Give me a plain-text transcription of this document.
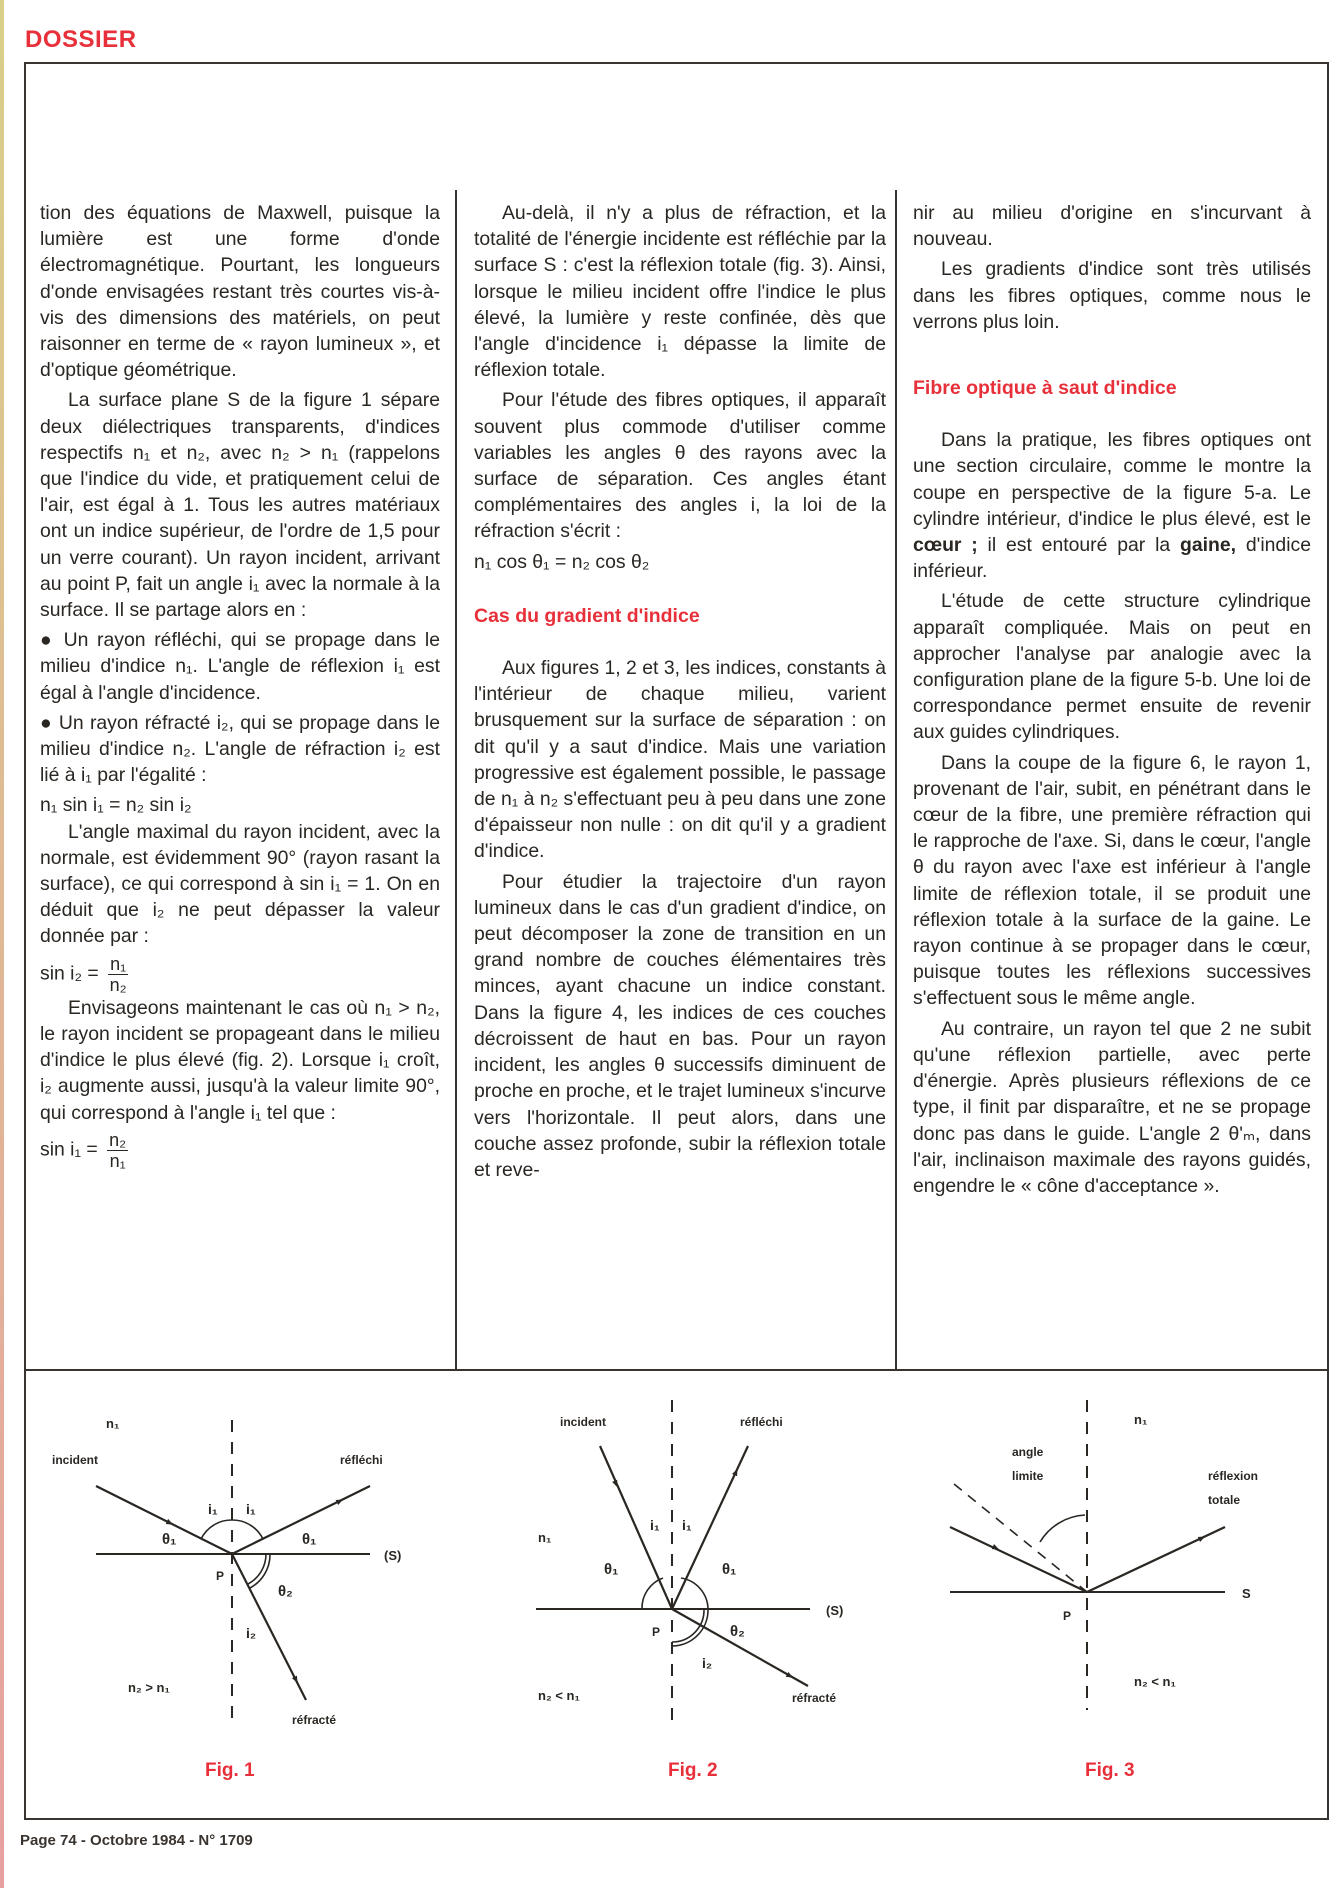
DOSSIER

tion des équations de Maxwell, puisque la lumière est une forme d'onde électromagnétique. Pourtant, les longueurs d'onde envisagées restant très courtes vis-à-vis des dimensions des matériels, on peut raisonner en terme de « rayon lumineux », et d'optique géométrique.

La surface plane S de la figure 1 sépare deux diélectriques transparents, d'indices respectifs n₁ et n₂, avec n₂ > n₁ (rappelons que l'indice du vide, et pratiquement celui de l'air, est égal à 1. Tous les autres matériaux ont un indice supérieur, de l'ordre de 1,5 pour un verre courant). Un rayon incident, arrivant au point P, fait un angle i₁ avec la normale à la surface. Il se partage alors en :

● Un rayon réfléchi, qui se propage dans le milieu d'indice n₁. L'angle de réflexion i₁ est égal à l'angle d'incidence.

● Un rayon réfracté i₂, qui se propage dans le milieu d'indice n₂. L'angle de réfraction i₂ est lié à i₁ par l'égalité :

n₁ sin i₁ = n₂ sin i₂

L'angle maximal du rayon incident, avec la normale, est évidemment 90° (rayon rasant la surface), ce qui correspond à sin i₁ = 1. On en déduit que i₂ ne peut dépasser la valeur donnée par :

$\sin i_2 = \frac{\text{n₁}}{\text{n₂}}$

Envisageons maintenant le cas où n₁ > n₂, le rayon incident se propageant dans le milieu d'indice le plus élevé (fig. 2). Lorsque i₁ croît, i₂ augmente aussi, jusqu'à la valeur limite 90°, qui correspond à l'angle i₁ tel que :

$\sin i_1 = \frac{\text{n₂}}{\text{n₁}}$

Au-delà, il n'y a plus de réfraction, et la totalité de l'énergie incidente est réfléchie par la surface S : c'est la réflexion totale (fig. 3). Ainsi, lorsque le milieu incident offre l'indice le plus élevé, la lumière y reste confinée, dès que l'angle d'incidence i₁ dépasse la limite de réflexion totale.

Pour l'étude des fibres optiques, il apparaît souvent plus commode d'utiliser comme variables les angles θ des rayons avec la surface de séparation. Ces angles étant complémentaires des angles i, la loi de la réfraction s'écrit :

n₁ cos θ₁ = n₂ cos θ₂

Cas du gradient d'indice

Aux figures 1, 2 et 3, les indices, constants à l'intérieur de chaque milieu, varient brusquement sur la surface de séparation : on dit qu'il y a saut d'indice. Mais une variation progressive est également possible, le passage de n₁ à n₂ s'effectuant peu à peu dans une zone d'épaisseur non nulle : on dit qu'il y a gradient d'indice.

Pour étudier la trajectoire d'un rayon lumineux dans le cas d'un gradient d'indice, on peut décomposer la zone de transition en un grand nombre de couches élémentaires très minces, ayant chacune un indice constant. Dans la figure 4, les indices de ces couches décroissent de haut en bas. Pour un rayon incident, les angles θ successifs diminuent de proche en proche, et le trajet lumineux s'incurve vers l'horizontale. Il peut alors, dans une couche assez profonde, subir la réflexion totale et reve-

nir au milieu d'origine en s'incurvant à nouveau.

Les gradients d'indice sont très utilisés dans les fibres optiques, comme nous le verrons plus loin.

Fibre optique à saut d'indice

Dans la pratique, les fibres optiques ont une section circulaire, comme le montre la coupe en perspective de la figure 5-a. Le cylindre intérieur, d'indice le plus élevé, est le cœur ; il est entouré par la gaine, d'indice inférieur.

L'étude de cette structure cylindrique apparaît compliquée. Mais on peut en approcher l'analyse par analogie avec la configuration plane de la figure 5-b. Une loi de correspondance permet ensuite de revenir aux guides cylindriques.

Dans la coupe de la figure 6, le rayon 1, provenant de l'air, subit, en pénétrant dans le cœur de la fibre, une première réfraction qui le rapproche de l'axe. Si, dans le cœur, l'angle θ du rayon avec l'axe est inférieur à l'angle limite de réflexion totale, il se produit une réflexion totale à la surface de la gaine. Le rayon continue à se propager dans le cœur, puisque toutes les réflexions successives s'effectuent sous le même angle.

Au contraire, un rayon tel que 2 ne subit qu'une réflexion partielle, avec perte d'énergie. Après plusieurs réflexions de ce type, il finit par disparaître, et ne se propage donc pas dans le guide. L'angle 2 θ'ₘ, dans l'air, inclinaison maximale des rayons guidés, engendre le « cône d'acceptance ».

n₁
incident	réfléchi
i₁ i₁
θ₁	θ₁
(S)
P
θ₂
i₂
n₂ > n₁
réfracté
Fig. 1
incident	réfléchi
n₁
i₁ i₁
θ₁	θ₁
(S)
P	θ₂
i₂
n₂ < n₁	réfracté
Fig. 2
n₁
angle
limite	réflexion
totale
S
P
n₂ < n₁
Fig. 3
Page 74 - Octobre 1984 - N° 1709
